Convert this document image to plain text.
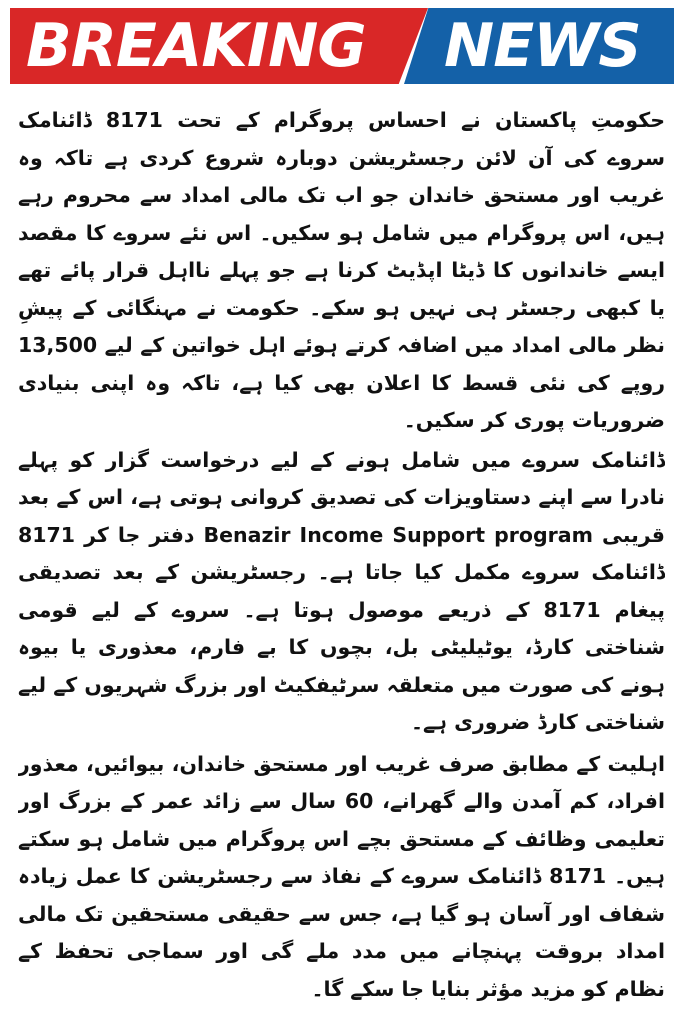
BREAKING NEWS

حکومتِ پاکستان نے احساس پروگرام کے تحت 8171 ڈائنامک سروے کی آن لائن رجسٹریشن دوبارہ شروع کردی ہے تاکہ وہ غریب اور مستحق خاندان جو اب تک مالی امداد سے محروم رہے ہیں، اس پروگرام میں شامل ہو سکیں۔ اس نئے سروے کا مقصد ایسے خاندانوں کا ڈیٹا اپڈیٹ کرنا ہے جو پہلے نااہل قرار پائے تھے یا کبھی رجسٹر ہی نہیں ہو سکے۔ حکومت نے مہنگائی کے پیشِ نظر مالی امداد میں اضافہ کرتے ہوئے اہل خواتین کے لیے 13,500 روپے کی نئی قسط کا اعلان بھی کیا ہے، تاکہ وہ اپنی بنیادی ضروریات پوری کر سکیں۔

ڈائنامک سروے میں شامل ہونے کے لیے درخواست گزار کو پہلے نادرا سے اپنے دستاویزات کی تصدیق کروانی ہوتی ہے، اس کے بعد قریبی Benazir Income Support program دفتر جا کر 8171 ڈائنامک سروے مکمل کیا جاتا ہے۔ رجسٹریشن کے بعد تصدیقی پیغام 8171 کے ذریعے موصول ہوتا ہے۔ سروے کے لیے قومی شناختی کارڈ، یوٹیلیٹی بل، بچوں کا بے فارم، معذوری یا بیوہ ہونے کی صورت میں متعلقہ سرٹیفکیٹ اور بزرگ شہریوں کے لیے شناختی کارڈ ضروری ہے۔

اہلیت کے مطابق صرف غریب اور مستحق خاندان، بیوائیں، معذور افراد، کم آمدن والے گھرانے، 60 سال سے زائد عمر کے بزرگ اور تعلیمی وظائف کے مستحق بچے اس پروگرام میں شامل ہو سکتے ہیں۔ 8171 ڈائنامک سروے کے نفاذ سے رجسٹریشن کا عمل زیادہ شفاف اور آسان ہو گیا ہے، جس سے حقیقی مستحقین تک مالی امداد بروقت پہنچانے میں مدد ملے گی اور سماجی تحفظ کے نظام کو مزید مؤثر بنایا جا سکے گا۔
